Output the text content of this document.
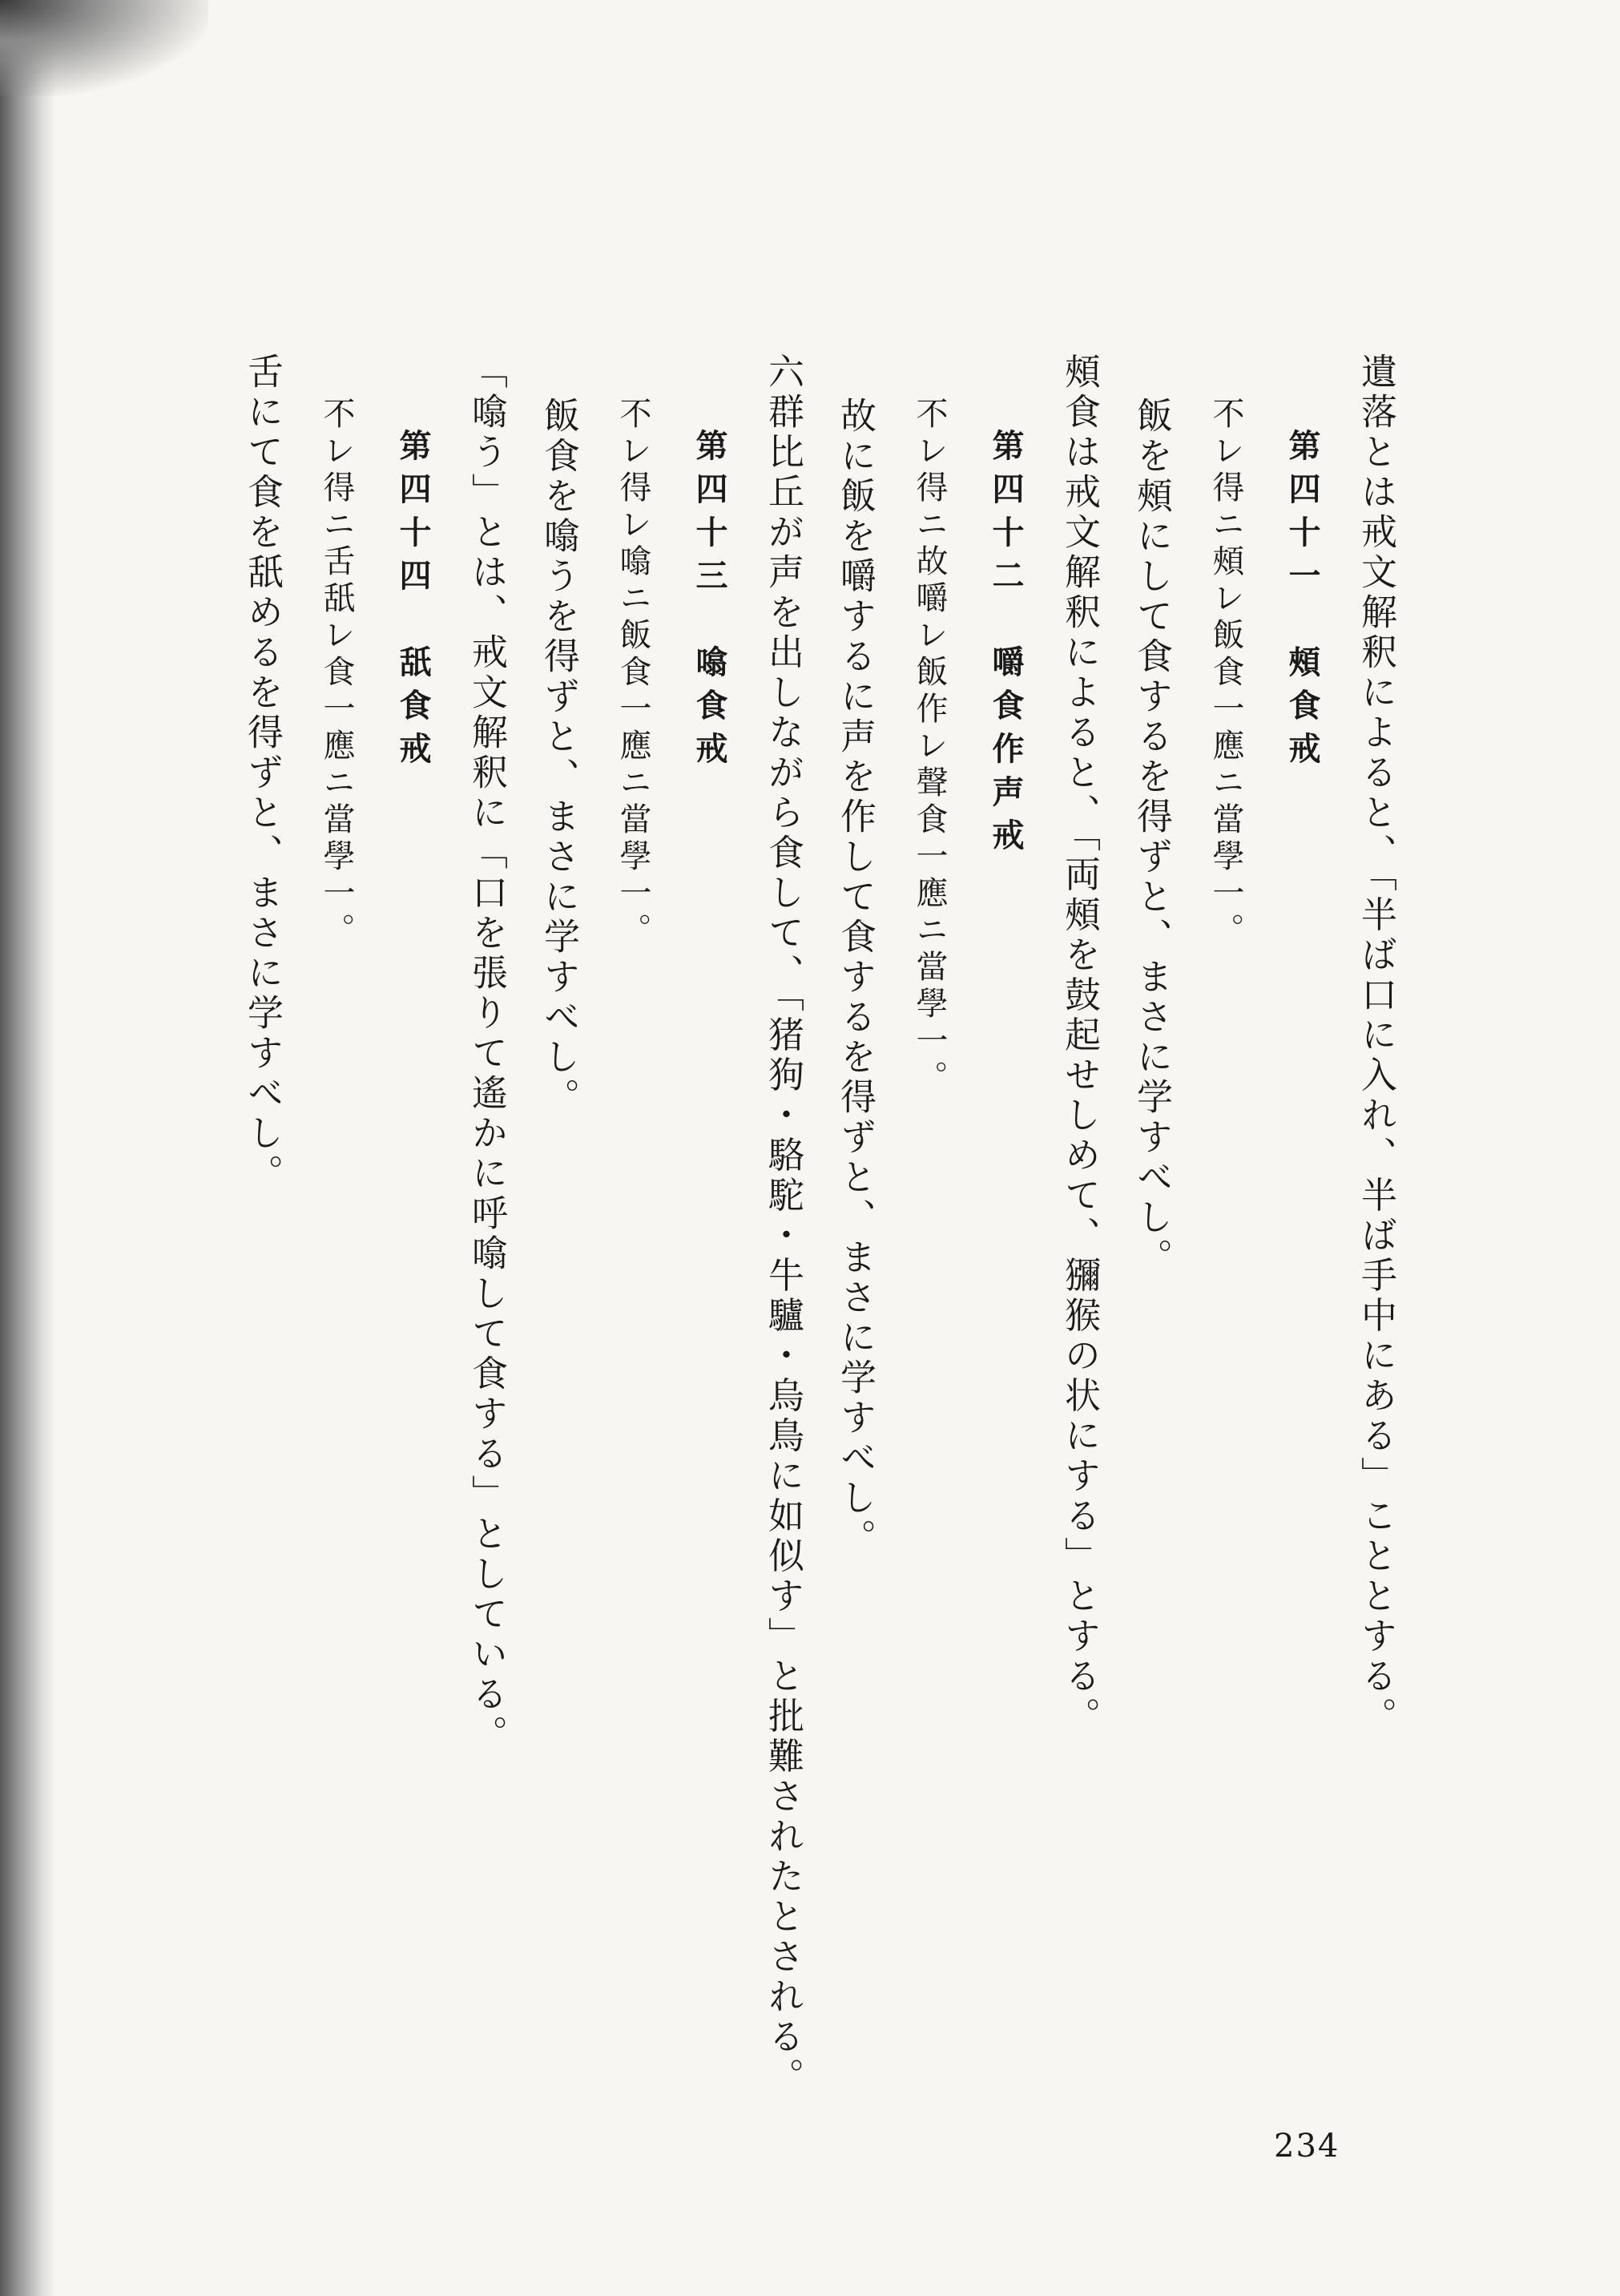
遺落とは戒文解釈によると、「半ば口に入れ、半ば手中にある」こととする。
第四十一　頰食戒
不レ得ニ頰レ飯食一應ニ當學一。
飯を頰にして食するを得ずと、まさに学すべし。
頰食は戒文解釈によると、「両頰を鼓起せしめて、獼猴の状にする」とする。
第四十二　嚼食作声戒
不レ得ニ故嚼レ飯作レ聲食一應ニ當學一。
故に飯を嚼するに声を作して食するを得ずと、まさに学すべし。
六群比丘が声を出しながら食して、「猪狗・駱駝・牛驢・烏鳥に如似す」と批難されたとされる。
第四十三　噏食戒
不レ得レ噏ニ飯食一應ニ當學一。
飯食を噏うを得ずと、まさに学すべし。
「噏う」とは、戒文解釈に「口を張りて遙かに呼噏して食する」としている。
第四十四　舐食戒
不レ得ニ舌舐レ食一應ニ當學一。
舌にて食を舐めるを得ずと、まさに学すべし。
234
